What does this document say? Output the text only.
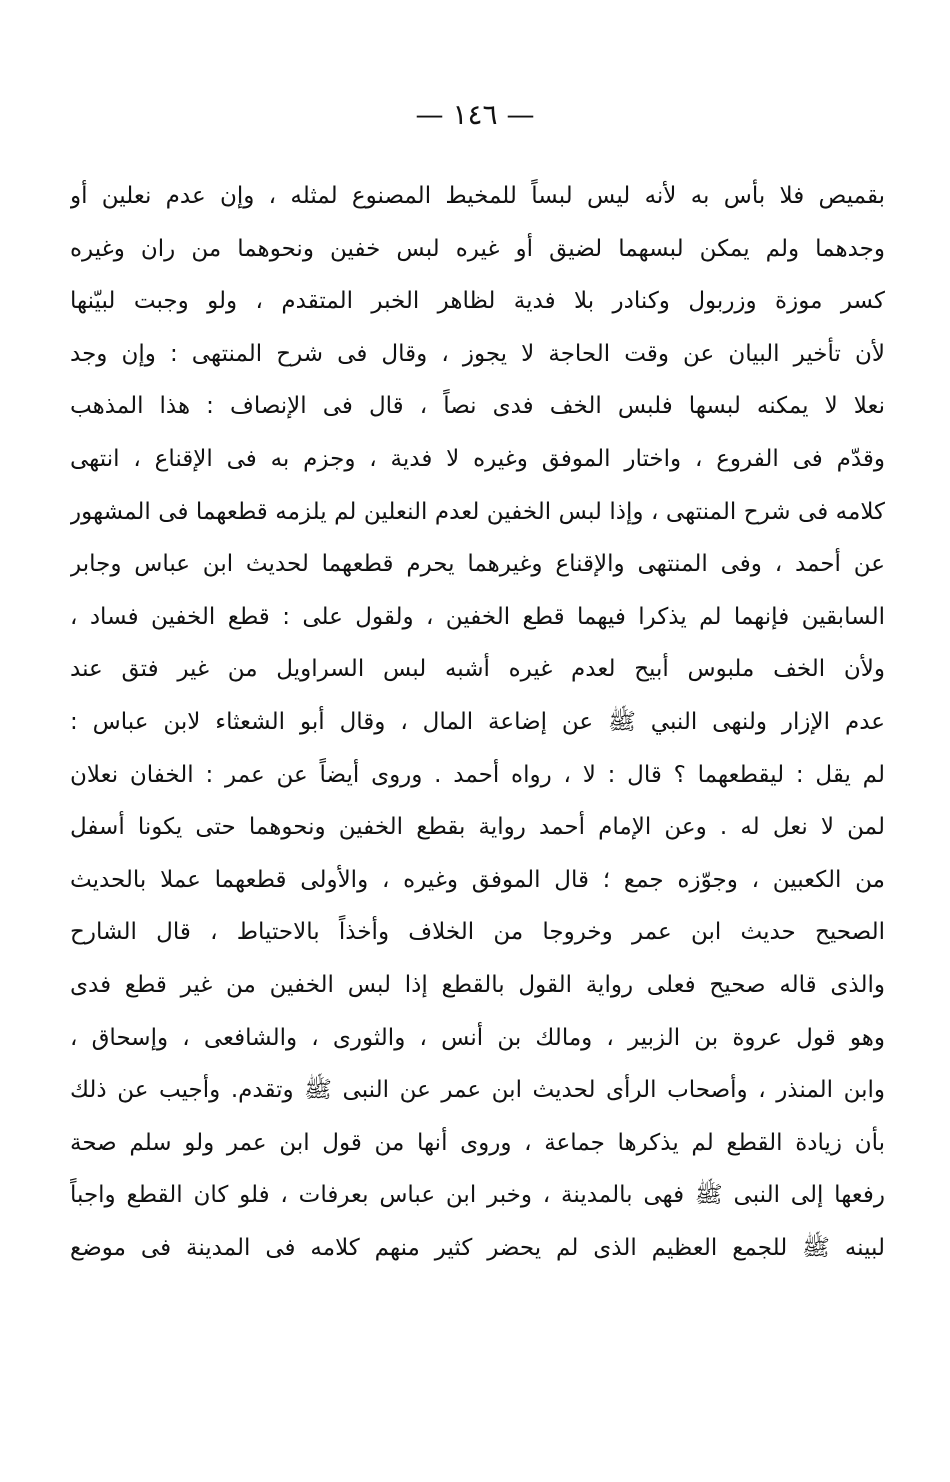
— ١٤٦ —
بقميص فلا بأس به لأنه ليس لبساً للمخيط المصنوع لمثله ، وإن عدم نعلين أو
وجدهما ولم يمكن لبسهما لضيق أو غيره لبس خفين ونحوهما من ران وغيره
كسر موزة وزربول وكنادر بلا فدية لظاهر الخبر المتقدم ، ولو وجبت لبيّنها
لأن تأخير البيان عن وقت الحاجة لا يجوز ، وقال فى شرح المنتهى : وإن وجد
نعلا لا يمكنه لبسها فلبس الخف فدى نصاً ، قال فى الإنصاف : هذا المذهب
وقدّم فى الفروع ، واختار الموفق وغيره لا فدية ، وجزم به فى الإقناع ، انتهى
كلامه فى شرح المنتهى ، وإذا لبس الخفين لعدم النعلين لم يلزمه قطعهما فى المشهور
عن أحمد ، وفى المنتهى والإقناع وغيرهما يحرم قطعهما لحديث ابن عباس وجابر
السابقين فإنهما لم يذكرا فيهما قطع الخفين ، ولقول على : قطع الخفين فساد ،
ولأن الخف ملبوس أبيح لعدم غيره أشبه لبس السراويل من غير فتق عند
عدم الإزار ولنهى النبي ﷺ عن إضاعة المال ، وقال أبو الشعثاء لابن عباس :
لم يقل : ليقطعهما ؟ قال : لا ، رواه أحمد . وروى أيضاً عن عمر : الخفان نعلان
لمن لا نعل له . وعن الإمام أحمد رواية بقطع الخفين ونحوهما حتى يكونا أسفل
من الكعبين ، وجوّزه جمع ؛ قال الموفق وغيره ، والأولى قطعهما عملا بالحديث
الصحيح حديث ابن عمر وخروجا من الخلاف وأخذاً بالاحتياط ، قال الشارح
والذى قاله صحيح فعلى رواية القول بالقطع إذا لبس الخفين من غير قطع فدى
وهو قول عروة بن الزبير ، ومالك بن أنس ، والثورى ، والشافعى ، وإسحاق ،
وابن المنذر ، وأصحاب الرأى لحديث ابن عمر عن النبى ﷺ وتقدم. وأجيب عن ذلك
بأن زيادة القطع لم يذكرها جماعة ، وروى أنها من قول ابن عمر ولو سلم صحة
رفعها إلى النبى ﷺ فهى بالمدينة ، وخبر ابن عباس بعرفات ، فلو كان القطع واجباً
لبينه ﷺ للجمع العظيم الذى لم يحضر كثير منهم كلامه فى المدينة فى موضع
